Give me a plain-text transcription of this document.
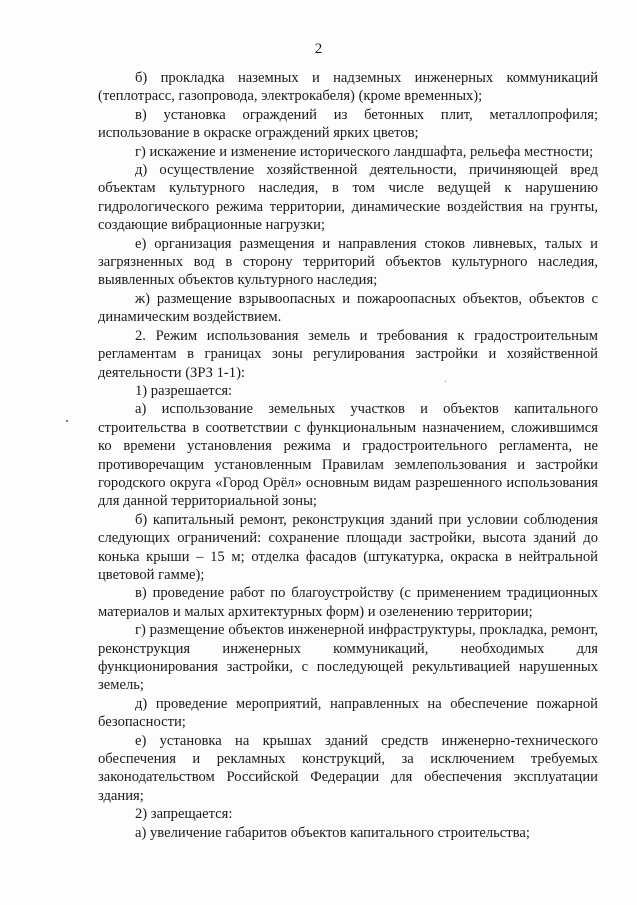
2

б) прокладка наземных и надземных инженерных коммуникаций (теплотрасс, газопровода, электрокабеля) (кроме временных);

в) установка ограждений из бетонных плит, металлопрофиля; использование в окраске ограждений ярких цветов;

г) искажение и изменение исторического ландшафта, рельефа местности;

д) осуществление хозяйственной деятельности, причиняющей вред объектам культурного наследия, в том числе ведущей к нарушению гидрологического режима территории, динамические воздействия на грунты, создающие вибрационные нагрузки;

е) организация размещения и направления стоков ливневых, талых и загрязненных вод в сторону территорий объектов культурного наследия, выявленных объектов культурного наследия;

ж) размещение взрывоопасных и пожароопасных объектов, объектов с динамическим воздействием.

2. Режим использования земель и требования к градостроительным регламентам в границах зоны регулирования застройки и хозяйственной деятельности (ЗРЗ 1-1):

1) разрешается:

а) использование земельных участков и объектов капитального строительства в соответствии с функциональным назначением, сложившимся ко времени установления режима и градостроительного регламента, не противоречащим установленным Правилам землепользования и застройки городского округа «Город Орёл» основным видам разрешенного использования для данной территориальной зоны;

б) капитальный ремонт, реконструкция зданий при условии соблюдения следующих ограничений: сохранение площади застройки, высота зданий до конька крыши – 15 м; отделка фасадов (штукатурка, окраска в нейтральной цветовой гамме);

в) проведение работ по благоустройству (с применением традиционных материалов и малых архитектурных форм) и озеленению территории;

г) размещение объектов инженерной инфраструктуры, прокладка, ремонт, реконструкция инженерных коммуникаций, необходимых для функционирования застройки, с последующей рекультивацией нарушенных земель;

д) проведение мероприятий, направленных на обеспечение пожарной безопасности;

е) установка на крышах зданий средств инженерно-технического обеспечения и рекламных конструкций, за исключением требуемых законодательством Российской Федерации для обеспечения эксплуатации здания;

2) запрещается:

а) увеличение габаритов объектов капитального строительства;
